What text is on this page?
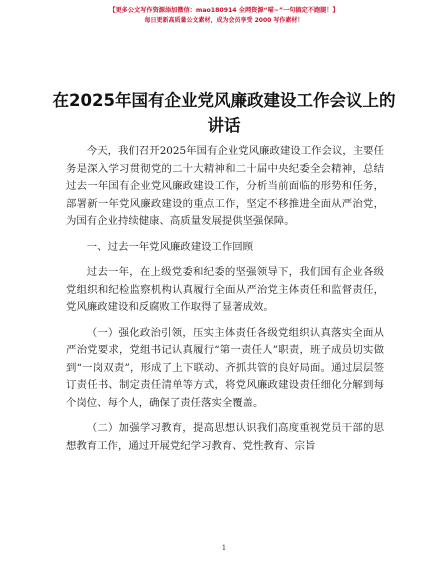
【更多公文写作资源添加微信：mao180914 全网资源“喵~”一句搞定不跑腿！】
每日更新高质量公文素材，成为会员享受 2000 写作素材！
在2025年国有企业党风廉政建设工作会议上的讲话

今天，我们召开2025年国有企业党风廉政建设工作会议，主要任务是深入学习贯彻党的二十大精神和二十届中央纪委全会精神，总结过去一年国有企业党风廉政建设工作，分析当前面临的形势和任务，部署新一年党风廉政建设的重点工作，坚定不移推进全面从严治党，为国有企业持续健康、高质量发展提供坚强保障。

一、过去一年党风廉政建设工作回顾

过去一年，在上级党委和纪委的坚强领导下，我们国有企业各级党组织和纪检监察机构认真履行全面从严治党主体责任和监督责任，党风廉政建设和反腐败工作取得了显著成效。

（一）强化政治引领，压实主体责任各级党组织认真落实全面从严治党要求，党组书记认真履行“第一责任人”职责，班子成员切实做到“一岗双责”，形成了上下联动、齐抓共管的良好局面。通过层层签订责任书、制定责任清单等方式，将党风廉政建设责任细化分解到每个岗位、每个人，确保了责任落实全覆盖。

（二）加强学习教育，提高思想认识我们高度重视党员干部的思想教育工作，通过开展党纪学习教育、党性教育、宗旨

1
